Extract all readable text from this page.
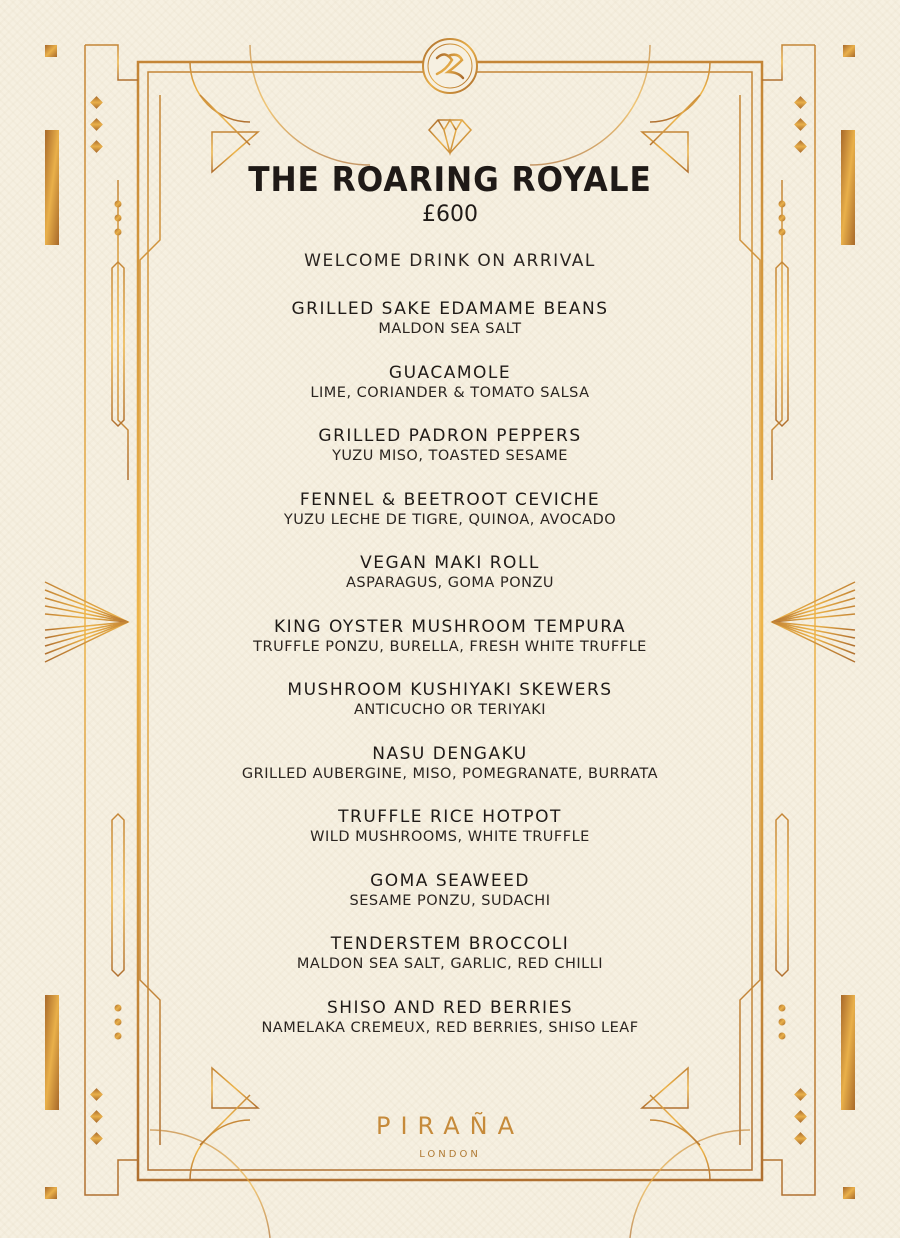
THE ROARING ROYALE
£600
WELCOME DRINK ON ARRIVAL
GRILLED SAKE EDAMAME BEANS
MALDON SEA SALT
GUACAMOLE
LIME, CORIANDER & TOMATO SALSA
GRILLED PADRON PEPPERS
YUZU MISO, TOASTED SESAME
FENNEL & BEETROOT CEVICHE
YUZU LECHE DE TIGRE, QUINOA, AVOCADO
VEGAN MAKI ROLL
ASPARAGUS, GOMA PONZU
KING OYSTER MUSHROOM TEMPURA
TRUFFLE PONZU, BURELLA, FRESH WHITE TRUFFLE
MUSHROOM KUSHIYAKI SKEWERS
ANTICUCHO OR TERIYAKI
NASU DENGAKU
GRILLED AUBERGINE, MISO, POMEGRANATE, BURRATA
TRUFFLE RICE HOTPOT
WILD MUSHROOMS, WHITE TRUFFLE
GOMA SEAWEED
SESAME PONZU, SUDACHI
TENDERSTEM BROCCOLI
MALDON SEA SALT, GARLIC, RED CHILLI
SHISO AND RED BERRIES
NAMELAKA CREMEUX, RED BERRIES, SHISO LEAF
PIRAÑA
LONDON
